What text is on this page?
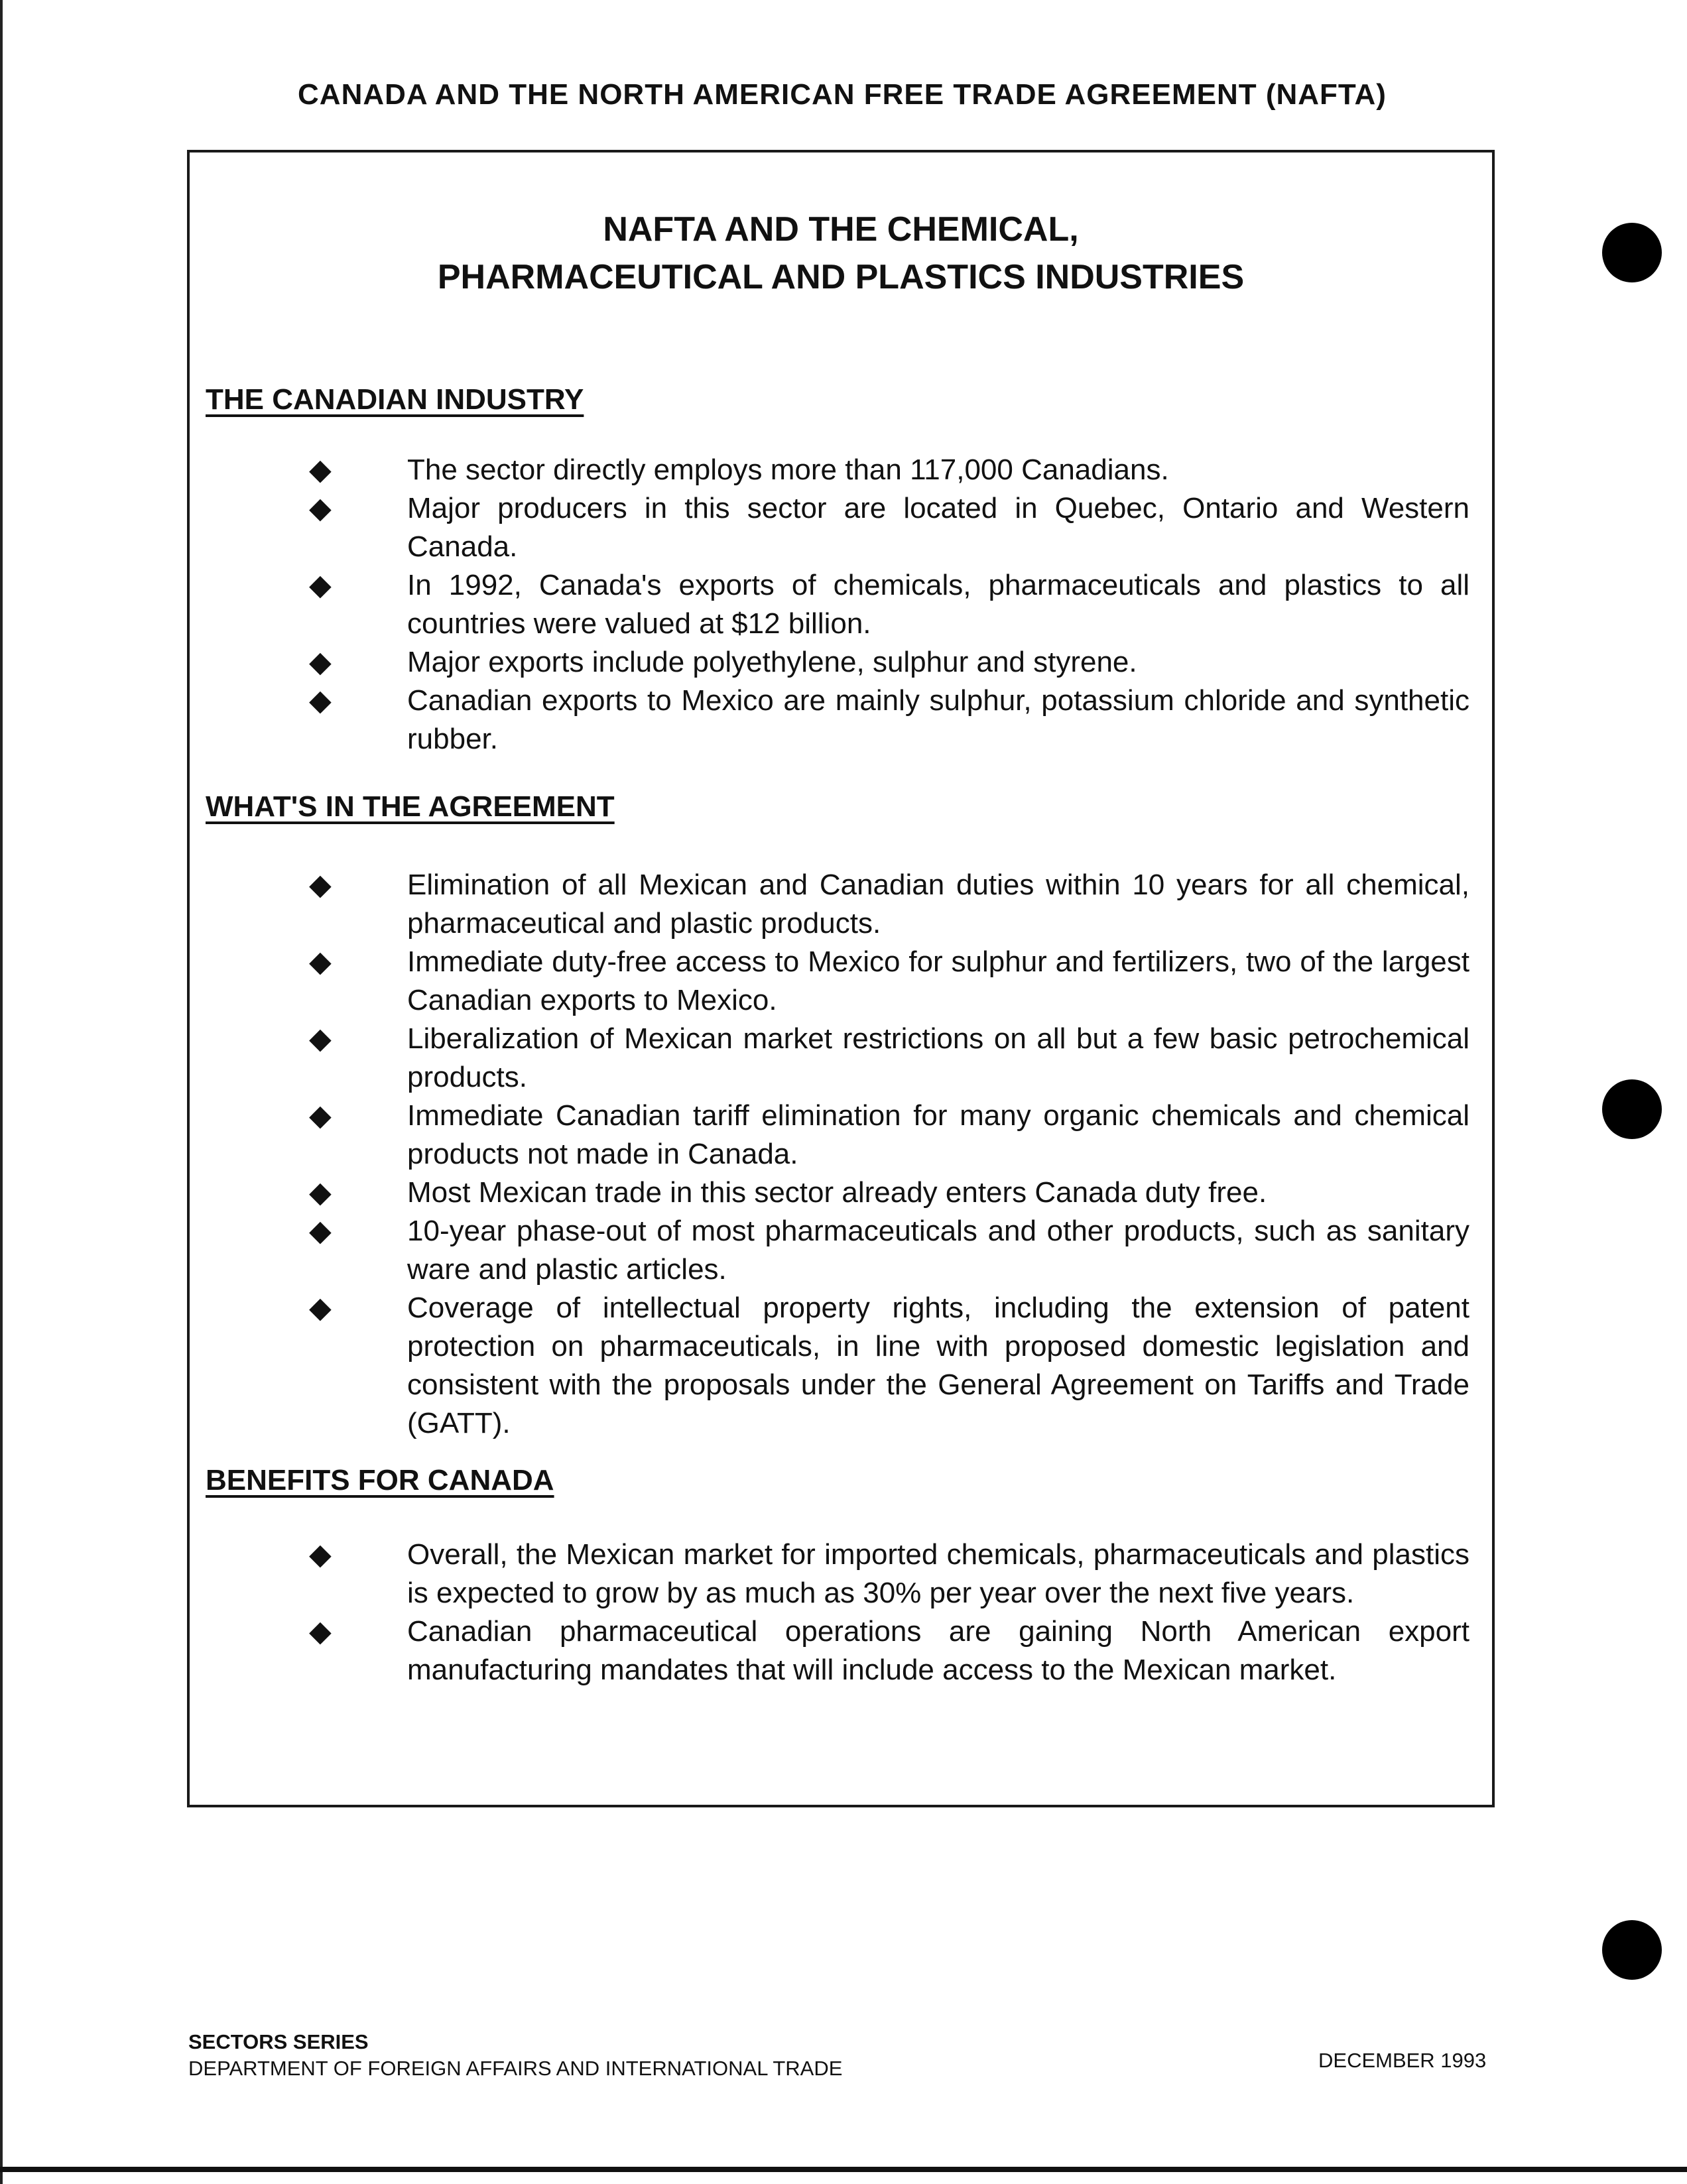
CANADA AND THE NORTH AMERICAN FREE TRADE AGREEMENT (NAFTA)
NAFTA AND THE CHEMICAL,
PHARMACEUTICAL AND PLASTICS INDUSTRIES
THE CANADIAN INDUSTRY
◆	The sector directly employs more than 117,000 Canadians.
◆	Major producers in this sector are located in Quebec, Ontario and Western Canada.
◆	In 1992, Canada's exports of chemicals, pharmaceuticals and plastics to all countries were valued at $12 billion.
◆	Major exports include polyethylene, sulphur and styrene.
◆	Canadian exports to Mexico are mainly sulphur, potassium chloride and synthetic rubber.
WHAT'S IN THE AGREEMENT
◆	Elimination of all Mexican and Canadian duties within 10 years for all chemical, pharmaceutical and plastic products.
◆	Immediate duty-free access to Mexico for sulphur and fertilizers, two of the largest Canadian exports to Mexico.
◆	Liberalization of Mexican market restrictions on all but a few basic petrochemical products.
◆	Immediate Canadian tariff elimination for many organic chemicals and chemical products not made in Canada.
◆	Most Mexican trade in this sector already enters Canada duty free.
◆	10-year phase-out of most pharmaceuticals and other products, such as sanitary ware and plastic articles.
◆	Coverage of intellectual property rights, including the extension of patent protection on pharmaceuticals, in line with proposed domestic legislation and consistent with the proposals under the General Agreement on Tariffs and Trade (GATT).
BENEFITS FOR CANADA
◆	Overall, the Mexican market for imported chemicals, pharmaceuticals and plastics is expected to grow by as much as 30% per year over the next five years.
◆	Canadian pharmaceutical operations are gaining North American export manufacturing mandates that will include access to the Mexican market.
SECTORS SERIES
DEPARTMENT OF FOREIGN AFFAIRS AND INTERNATIONAL TRADE	DECEMBER 1993
